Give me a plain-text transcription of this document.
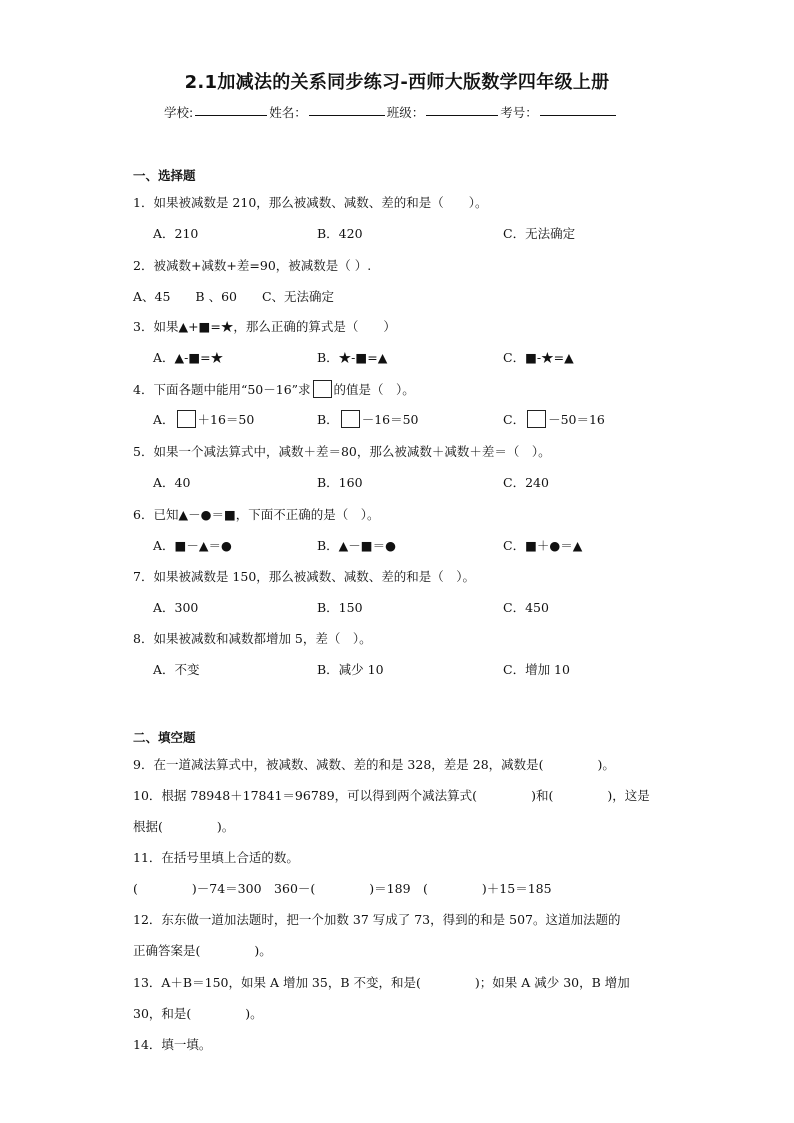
2.1加减法的关系同步练习-西师大版数学四年级上册
学校:	姓名：	班级：	考号：
一、选择题
1．如果被减数是 210，那么被减数、减数、差的和是（　　）。
A．210	B．420	C．无法确定
2．被减数+减数+差=90，被减数是（ ）.
A、45　　B 、60　　C、无法确定
3．如果▲+■=★，那么正确的算式是（　　）
A．▲-■=★	B．★-■=▲	C．■-★=▲
4．下面各题中能用“50－16”求 的值是（　）。
A． ＋16＝50	B． －16＝50	C． －50＝16
5．如果一个减法算式中，减数＋差＝80，那么被减数＋减数＋差＝（　）。
A．40	B．160	C．240
6．已知▲－●＝■，下面不正确的是（　）。
A．■－▲＝●	B．▲－■＝●	C．■＋●＝▲
7．如果被减数是 150，那么被减数、减数、差的和是（　）。
A．300	B．150	C．450
8．如果被减数和减数都增加 5，差（　）。
A．不变	B．减少 10	C．增加 10
二、填空题
9．在一道减法算式中，被减数、减数、差的和是 328，差是 28，减数是(	)。
10．根据 78948＋17841＝96789，可以得到两个减法算式(	)和(	)，这是
根据(	)。
11．在括号里填上合适的数。
(	)－74＝300　360－(	)＝189　(	)＋15＝185
12．东东做一道加法题时，把一个加数 37 写成了 73，得到的和是 507。这道加法题的
正确答案是(	)。
13．A＋B＝150，如果 A 增加 35，B 不变，和是(	)；如果 A 减少 30，B 增加
30，和是(	)。
14．填一填。
